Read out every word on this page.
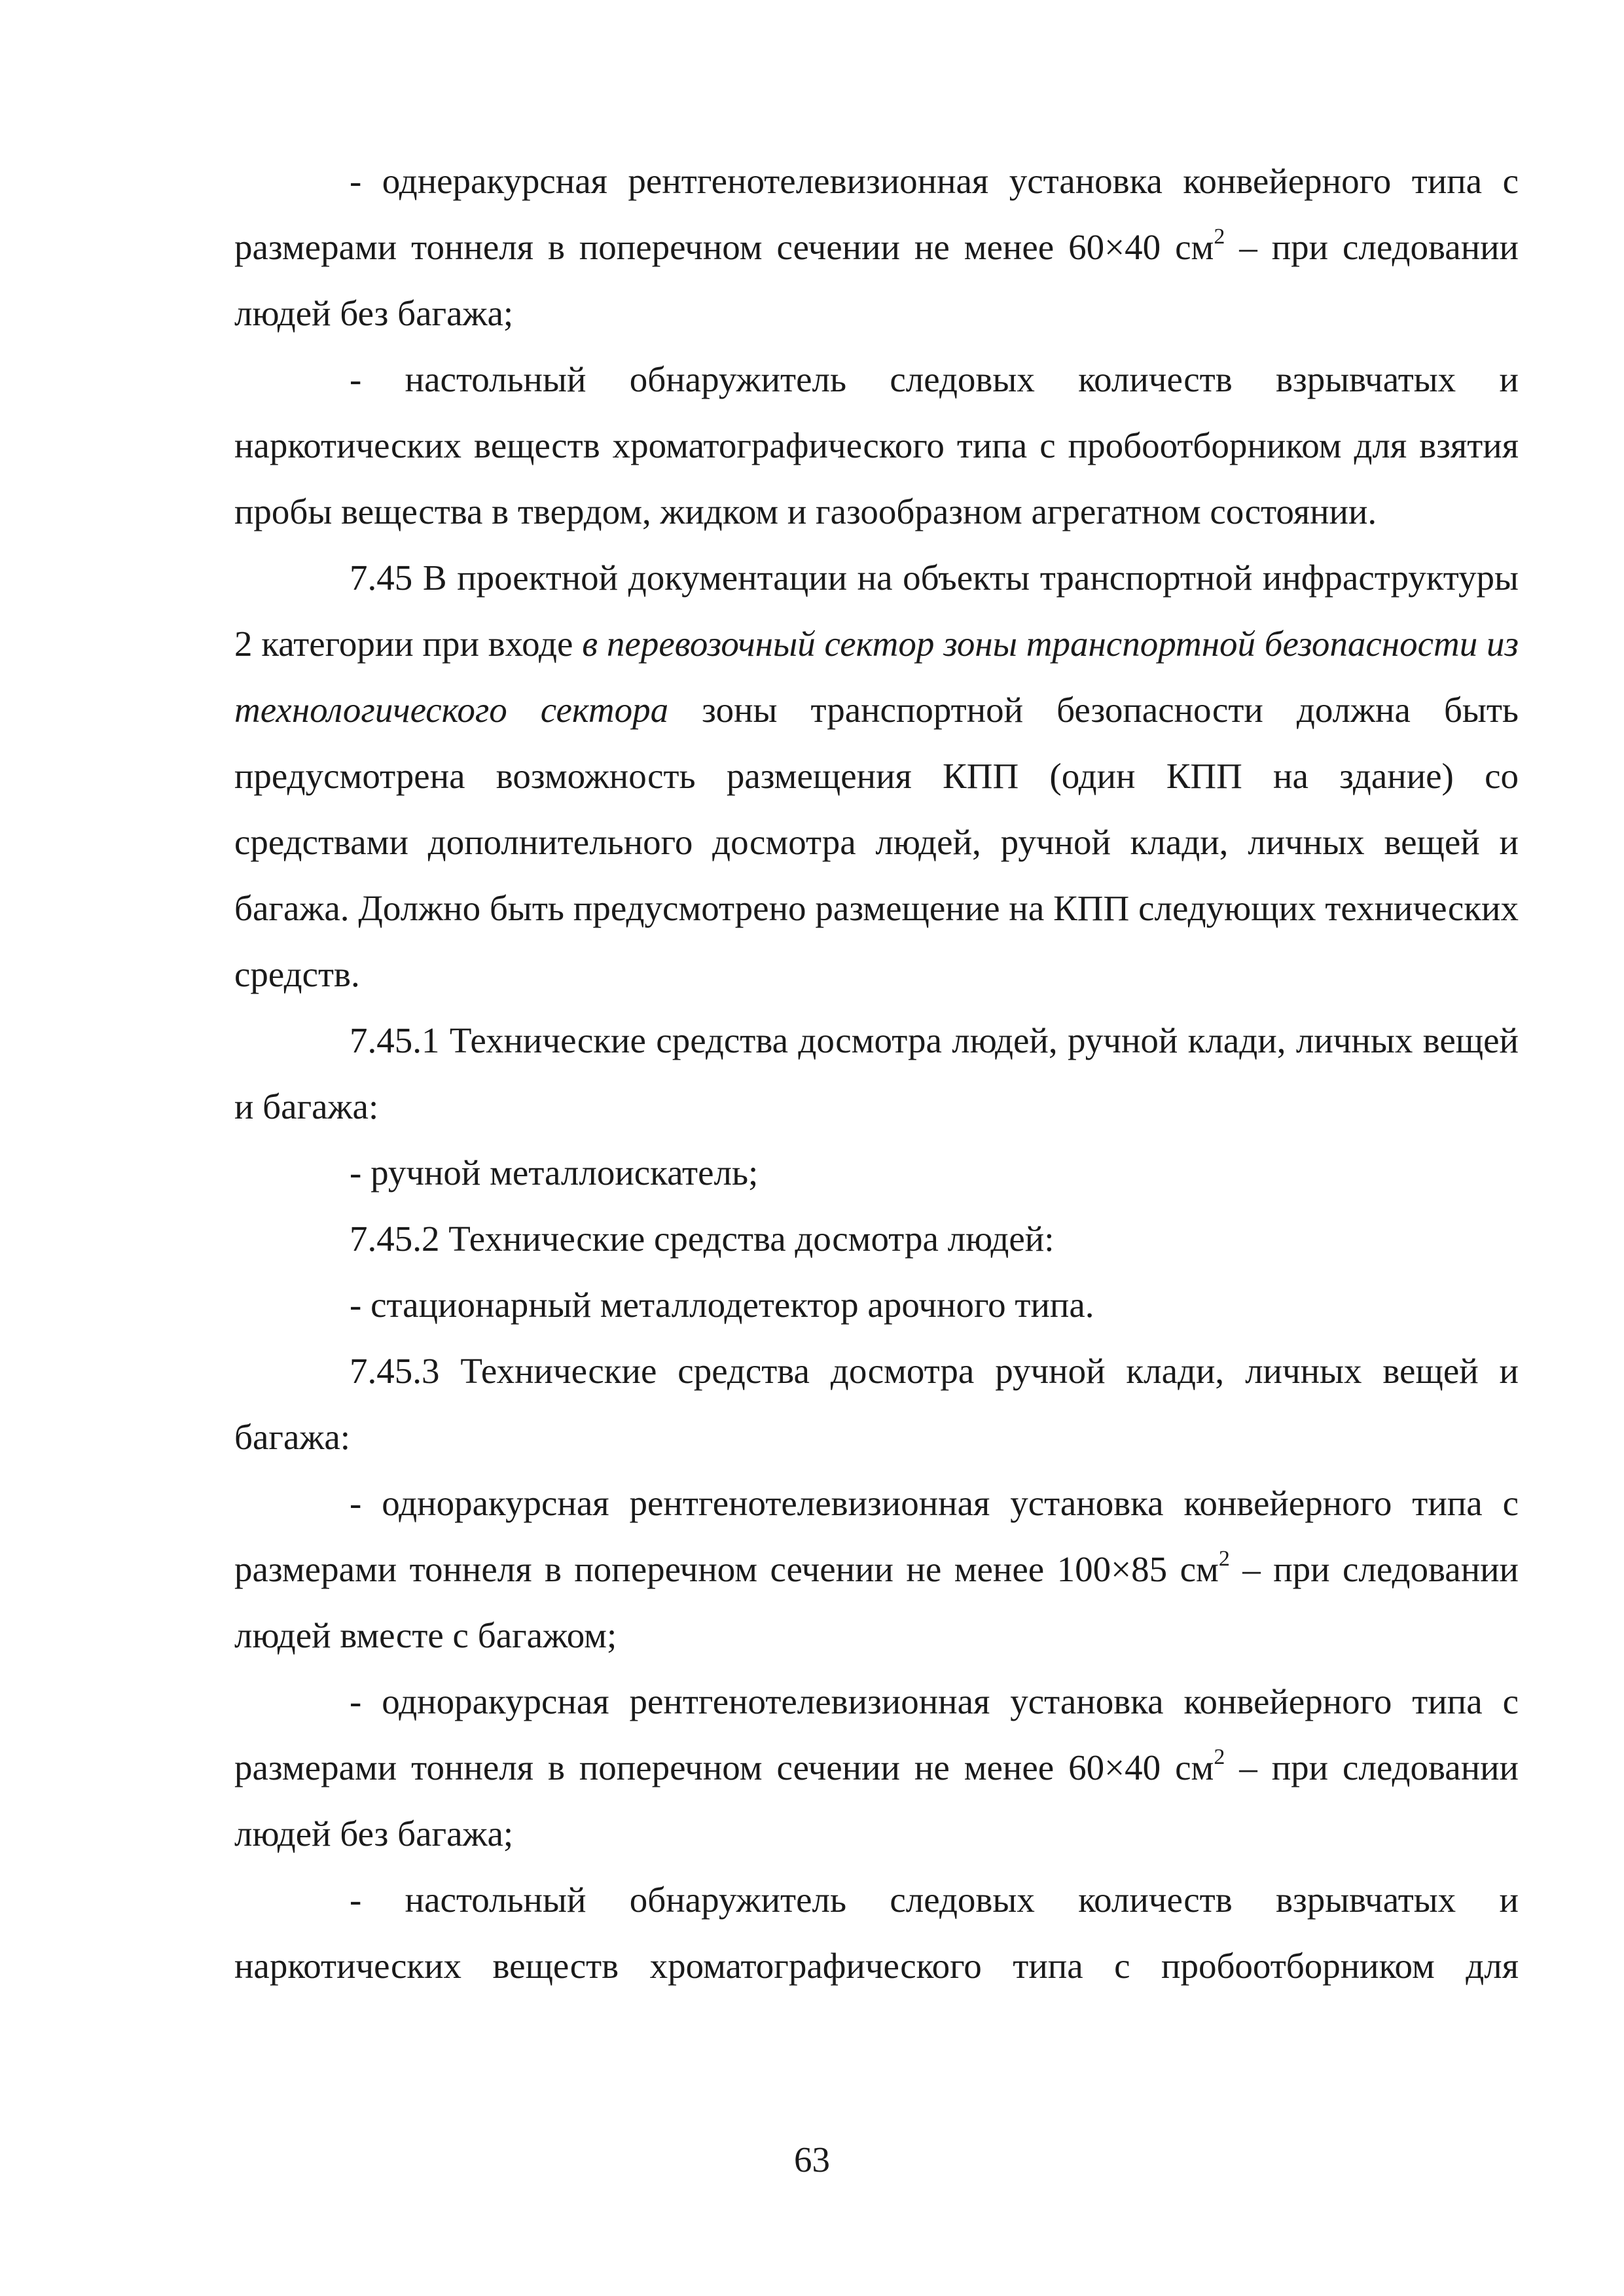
- однеракурсная рентгенотелевизионная установка конвейерного типа с размерами тоннеля в поперечном сечении не менее 60×40 $см^2$ – при следовании людей без багажа;

- настольный обнаружитель следовых количеств взрывчатых и наркотических веществ хроматографического типа с пробоотборником для взятия пробы вещества в твердом, жидком и газообразном агрегатном состоянии.

7.45 В проектной документации на объекты транспортной инфраструктуры 2 категории при входе в перевозочный сектор зоны транспортной безопасности из технологического сектора зоны транспортной безопасности должна быть предусмотрена возможность размещения КПП (один КПП на здание) со средствами дополнительного досмотра людей, ручной клади, личных вещей и багажа. Должно быть предусмотрено размещение на КПП следующих технических средств.

7.45.1 Технические средства досмотра людей, ручной клади, личных вещей и багажа:

- ручной металлоискатель;

7.45.2 Технические средства досмотра людей:

- стационарный металлодетектор арочного типа.

7.45.3 Технические средства досмотра ручной клади, личных вещей и багажа:

- одноракурсная рентгенотелевизионная установка конвейерного типа с размерами тоннеля в поперечном сечении не менее 100×85 $см^2$ – при следовании людей вместе с багажом;

- одноракурсная рентгенотелевизионная установка конвейерного типа с размерами тоннеля в поперечном сечении не менее 60×40 $см^2$ – при следовании людей без багажа;

- настольный обнаружитель следовых количеств взрывчатых и наркотических веществ хроматографического типа с пробоотборником для

63
